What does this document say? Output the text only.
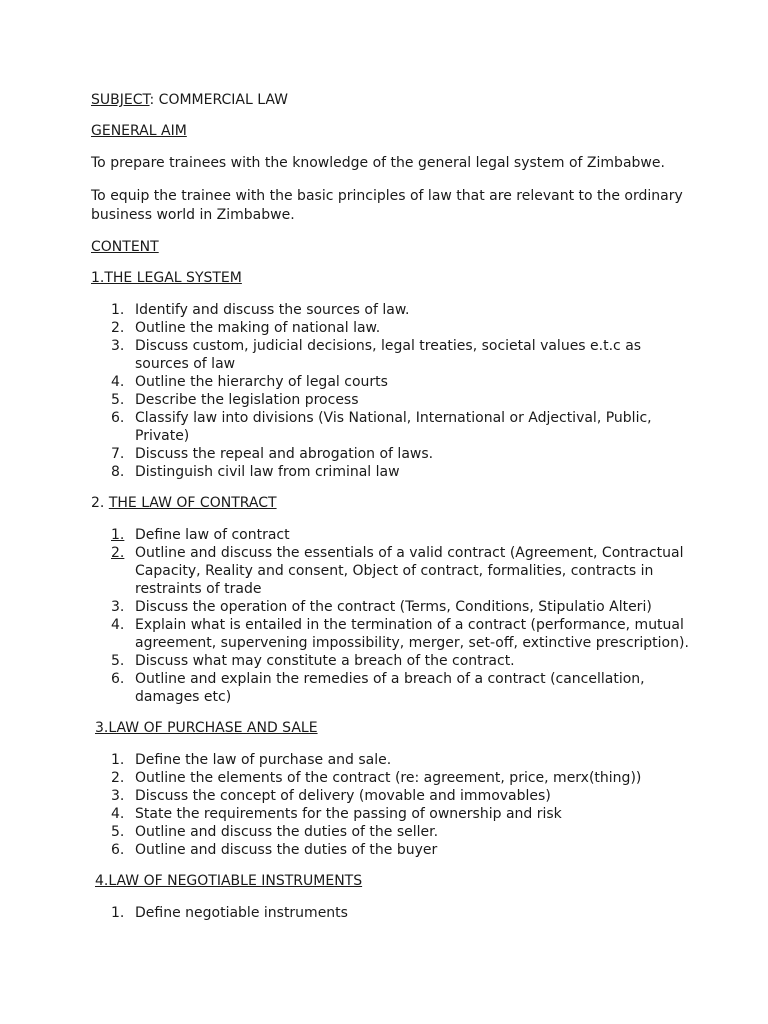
SUBJECT: COMMERCIAL LAW

GENERAL AIM

To prepare trainees with the knowledge of the general legal system of Zimbabwe.

To equip the trainee with the basic principles of law that are relevant to the ordinary business world in Zimbabwe.

CONTENT

1.THE LEGAL SYSTEM

1. Identify and discuss the sources of law.
2. Outline the making of national law.
3. Discuss custom, judicial decisions, legal treaties, societal values e.t.c as sources of law
4. Outline the hierarchy of legal courts
5. Describe the legislation process
6. Classify law into divisions (Vis National, International or Adjectival, Public, Private)
7. Discuss the repeal and abrogation of laws.
8. Distinguish civil law from criminal law

2. THE LAW OF CONTRACT

1. Define law of contract
2. Outline and discuss the essentials of a valid contract (Agreement, Contractual Capacity, Reality and consent, Object of contract, formalities, contracts in restraints of trade
3. Discuss the operation of the contract (Terms, Conditions, Stipulatio Alteri)
4. Explain what is entailed in the termination of a contract (performance, mutual agreement, supervening impossibility, merger, set-off, extinctive prescription).
5. Discuss what may constitute a breach of the contract.
6. Outline and explain the remedies of a breach of a contract (cancellation, damages etc)

3.LAW OF PURCHASE AND SALE

1. Define the law of purchase and sale.
2. Outline the elements of the contract (re: agreement, price, merx(thing))
3. Discuss the concept of delivery (movable and immovables)
4. State the requirements for the passing of ownership and risk
5. Outline and discuss the duties of the seller.
6. Outline and discuss the duties of the buyer

4.LAW OF NEGOTIABLE INSTRUMENTS

1. Define negotiable instruments
